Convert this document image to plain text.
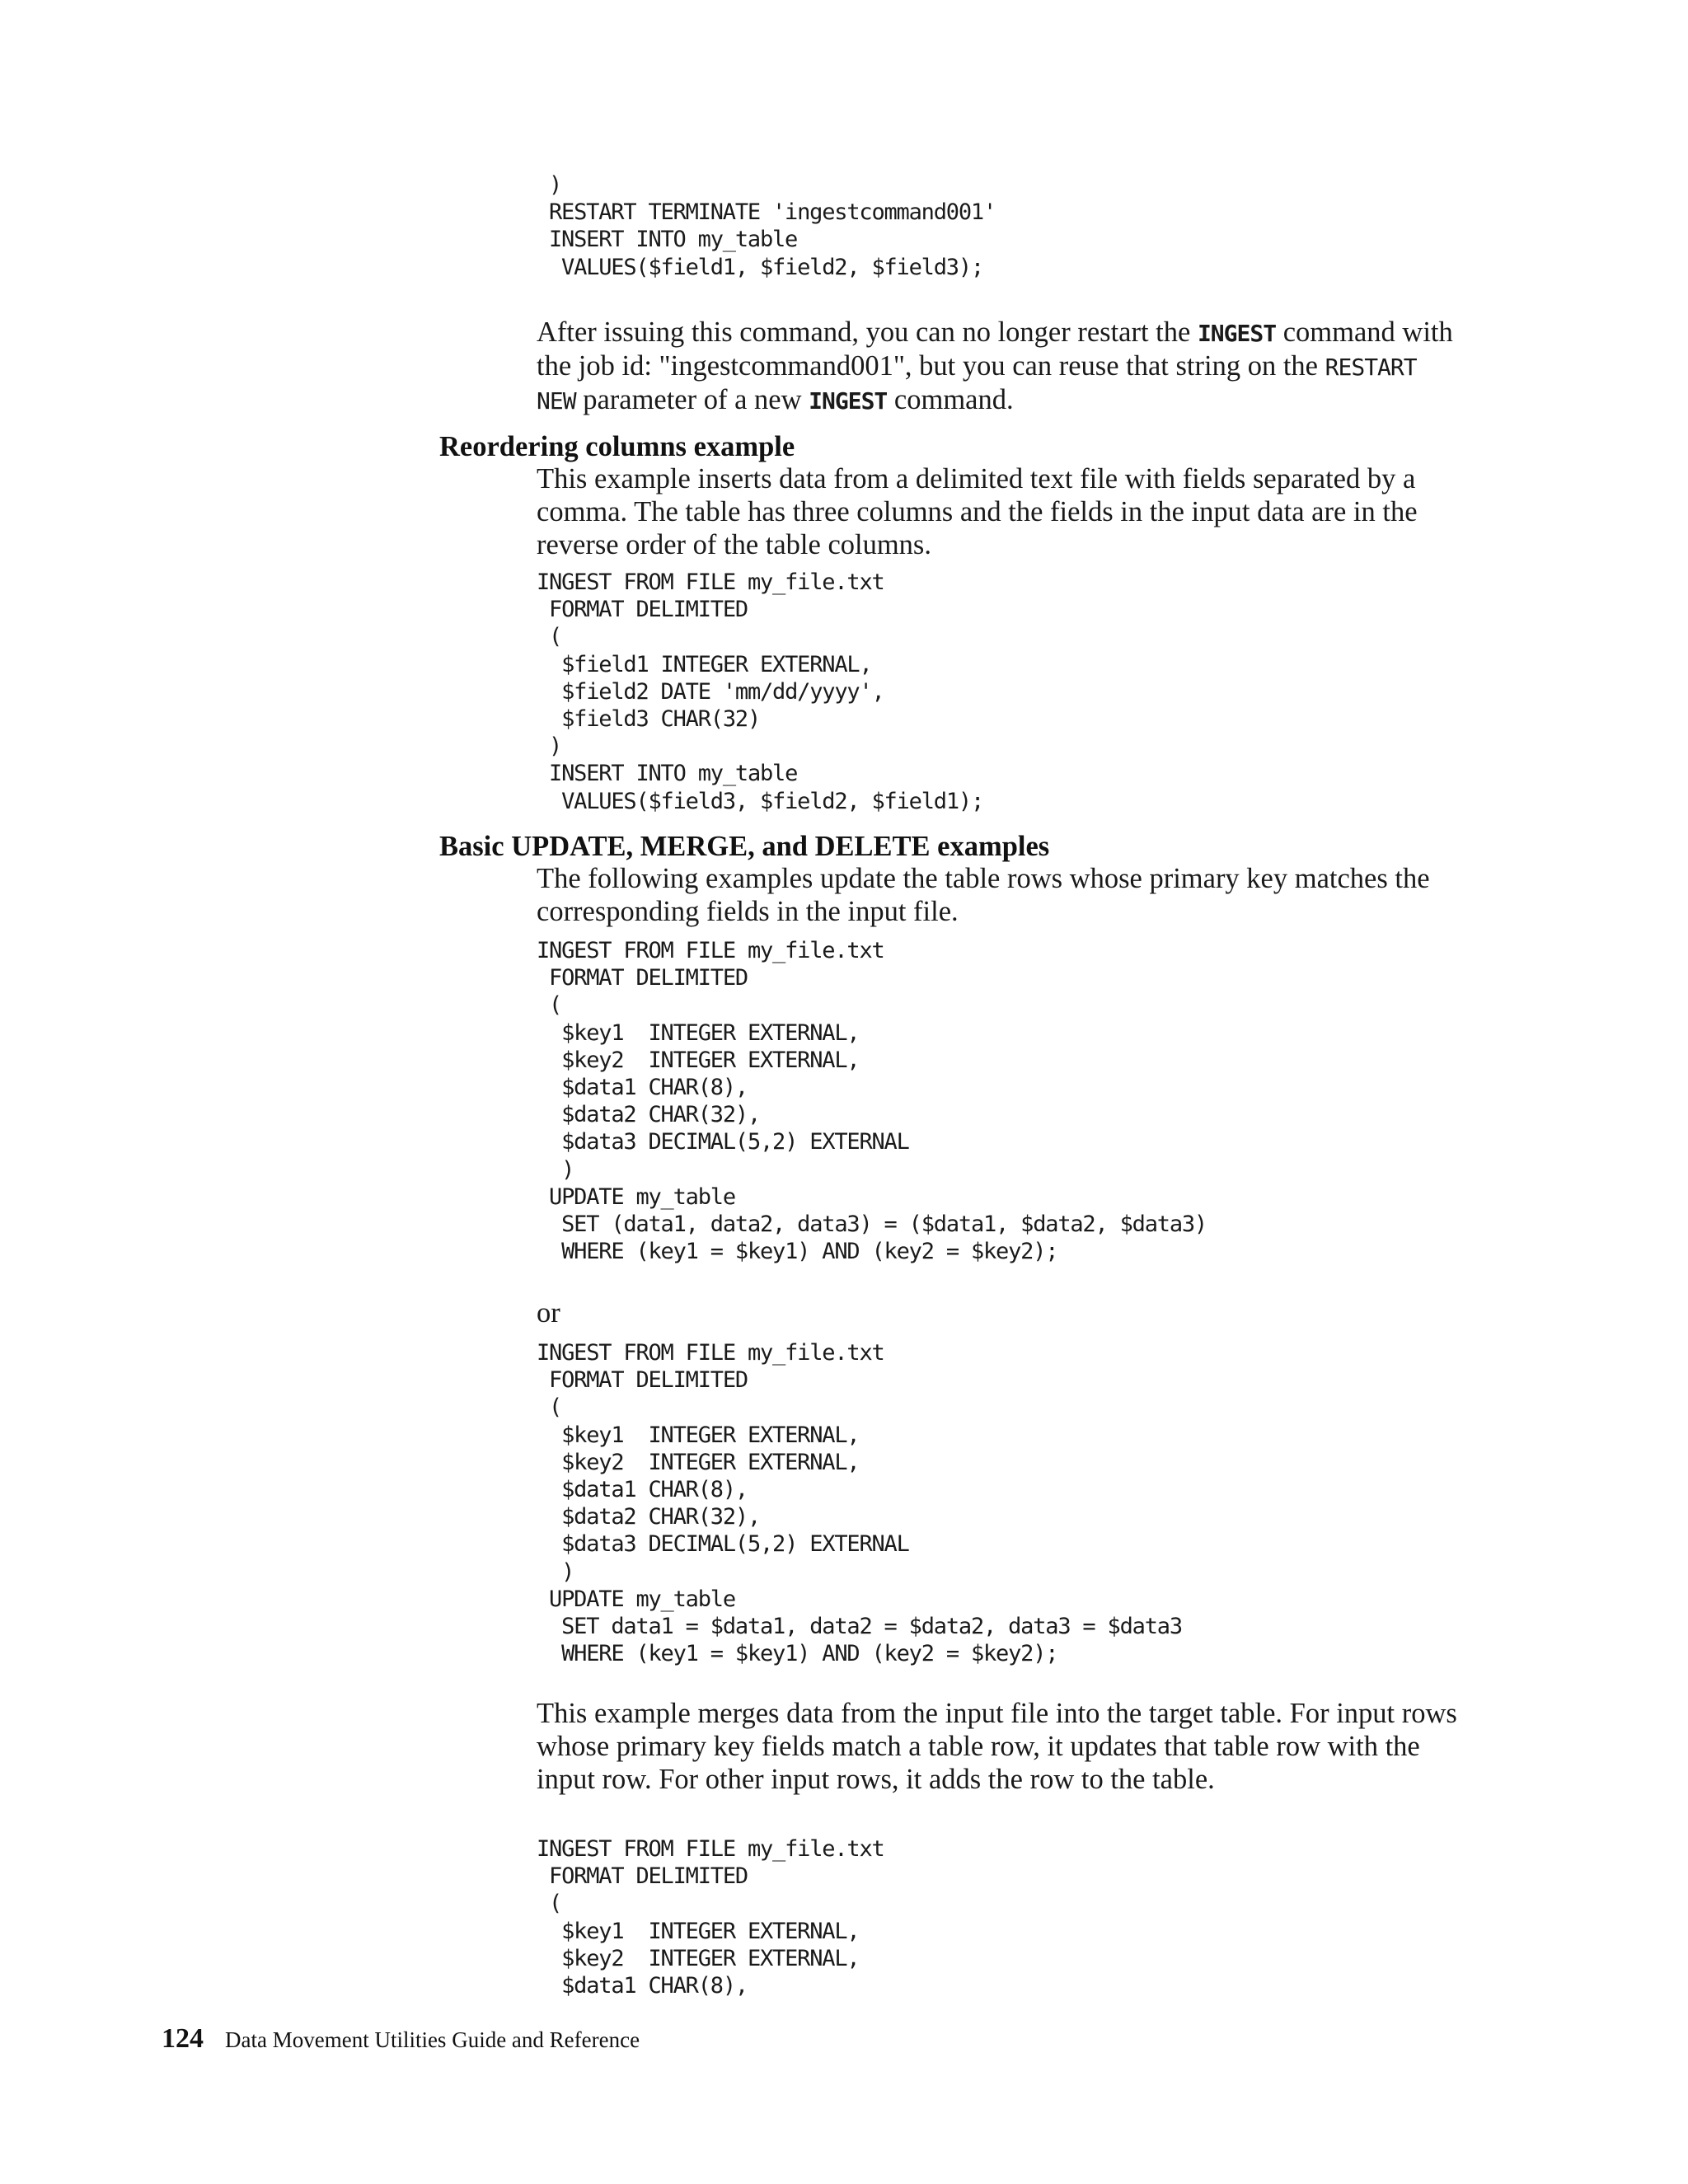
)
RESTART TERMINATE 'ingestcommand001'
INSERT INTO my_table
VALUES($field1, $field2, $field3);

After issuing this command, you can no longer restart the INGEST command with the job id: "ingestcommand001", but you can reuse that string on the RESTART NEW parameter of a new INGEST command.

Reordering columns example

This example inserts data from a delimited text file with fields separated by a comma. The table has three columns and the fields in the input data are in the reverse order of the table columns.

INGEST FROM FILE my_file.txt
FORMAT DELIMITED
(
$field1 INTEGER EXTERNAL,
$field2 DATE 'mm/dd/yyyy',
$field3 CHAR(32)
)
INSERT INTO my_table
VALUES($field3, $field2, $field1);
Basic UPDATE, MERGE, and DELETE examples

The following examples update the table rows whose primary key matches the corresponding fields in the input file.

INGEST FROM FILE my_file.txt
FORMAT DELIMITED
(
$key1  INTEGER EXTERNAL,
$key2  INTEGER EXTERNAL,
$data1 CHAR(8),
$data2 CHAR(32),
$data3 DECIMAL(5,2) EXTERNAL
)
UPDATE my_table
SET (data1, data2, data3) = ($data1, $data2, $data3)
WHERE (key1 = $key1) AND (key2 = $key2);

or

INGEST FROM FILE my_file.txt
FORMAT DELIMITED
(
$key1  INTEGER EXTERNAL,
$key2  INTEGER EXTERNAL,
$data1 CHAR(8),
$data2 CHAR(32),
$data3 DECIMAL(5,2) EXTERNAL
)
UPDATE my_table
SET data1 = $data1, data2 = $data2, data3 = $data3
WHERE (key1 = $key1) AND (key2 = $key2);

This example merges data from the input file into the target table. For input rows whose primary key fields match a table row, it updates that table row with the input row. For other input rows, it adds the row to the table.

INGEST FROM FILE my_file.txt
FORMAT DELIMITED
(
$key1  INTEGER EXTERNAL,
$key2  INTEGER EXTERNAL,
$data1 CHAR(8),
124 Data Movement Utilities Guide and Reference
